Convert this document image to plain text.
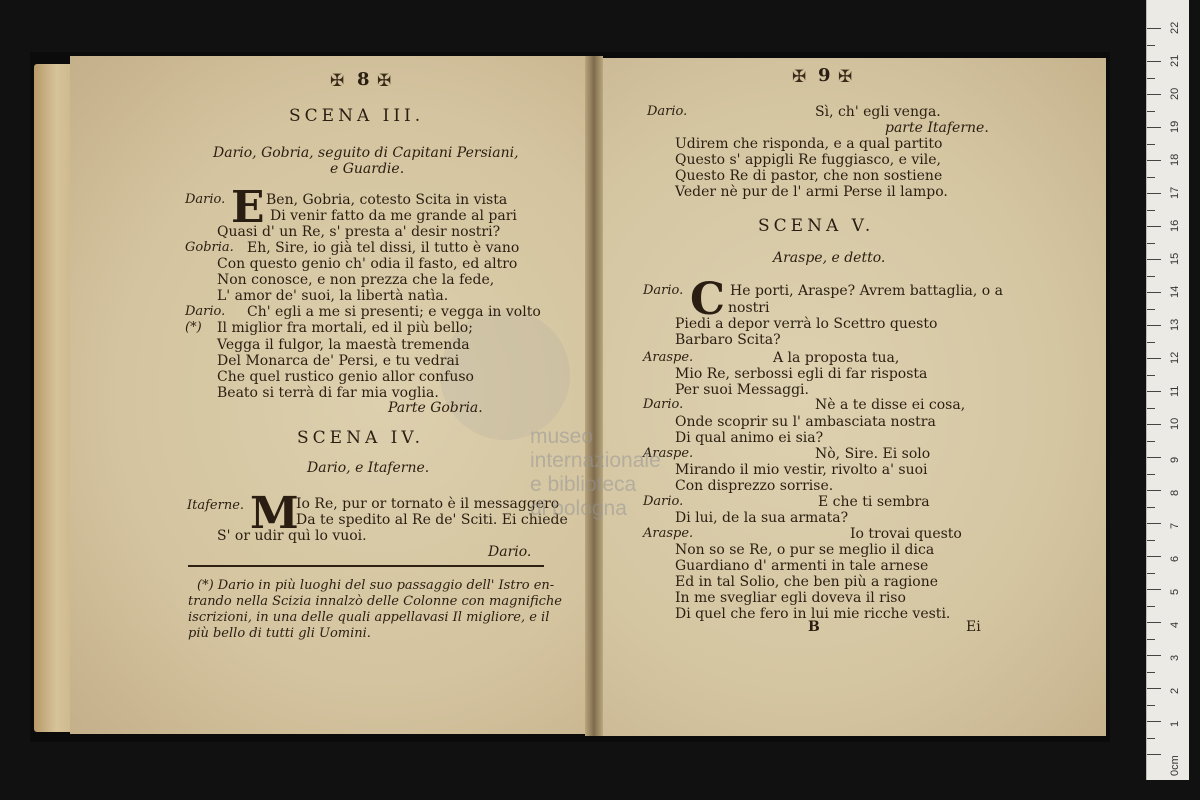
✠ 8 ✠
SCENA III.
Dario, Gobria, seguito di Capitani Persiani,
e Guardie.
E
Dario.	Ben, Gobria, cotesto Scita in vista
Di venir fatto da me grande al pari
Quasi d' un Re, s' presta a' desir nostri?
Gobria. Eh, Sire, io già tel dissi, il tutto è vano
Con questo genio ch' odia il fasto, ed altro
Non conosce, e non prezza che la fede,
L' amor de' suoi, la libertà natìa.
Dario. Ch' egli a me si presenti; e vegga in volto
(*) Il miglior fra mortali, ed il più bello;
Vegga il fulgor, la maestà tremenda
Del Monarca de' Persi, e tu vedrai
Che quel rustico genio allor confuso
Beato si terrà di far mia voglia.
Parte Gobria.
SCENA IV.
Dario, e Itaferne.
Itaferne. M
Io Re, pur or tornato è il messaggero
Da te spedito al Re de' Sciti. Ei chiede
S' or udir quì lo vuoi.
Dario.
(*) Dario in più luoghi del suo passaggio dell' Istro en-
trando nella Scizia innalzò delle Colonne con magnifiche
iscrizioni, in una delle quali appellavasi Il migliore, e il
più bello di tutti gli Uomini.
✠ 9 ✠
Dario.	Sì, ch' egli venga.
parte Itaferne.
Udirem che risponda, e a qual partito
Questo s' appigli Re fuggiasco, e vile,
Questo Re di pastor, che non sostiene
Veder nè pur de l' armi Perse il lampo.
SCENA V.
Araspe, e detto.
C
Dario.	He porti, Araspe? Avrem battaglia, o a
nostri
Piedi a depor verrà lo Scettro questo
Barbaro Scita?
Araspe.	A la proposta tua,
Mio Re, serbossi egli di far risposta
Per suoi Messaggi.
Dario.	Nè a te disse ei cosa,
Onde scoprir su l' ambasciata nostra
Di qual animo ei sia?
Araspe.	Nò, Sire. Ei solo
Mirando il mio vestir, rivolto a' suoi
Con disprezzo sorrise.
Dario.	E che ti sembra
Di lui, de la sua armata?
Araspe.	Io trovai questo
Non so se Re, o pur se meglio il dica
Guardiano d' armenti in tale arnese
Ed in tal Solio, che ben più a ragione
In me svegliar egli doveva il riso
Di quel che fero in lui mie ricche vesti.
B	Ei
museo internazionale
e biblioteca
di bologna
1
2
3
4
5
6
7
8
9
10
11
12
13
14
15
16
17
18
19
20
21
22
0cm
